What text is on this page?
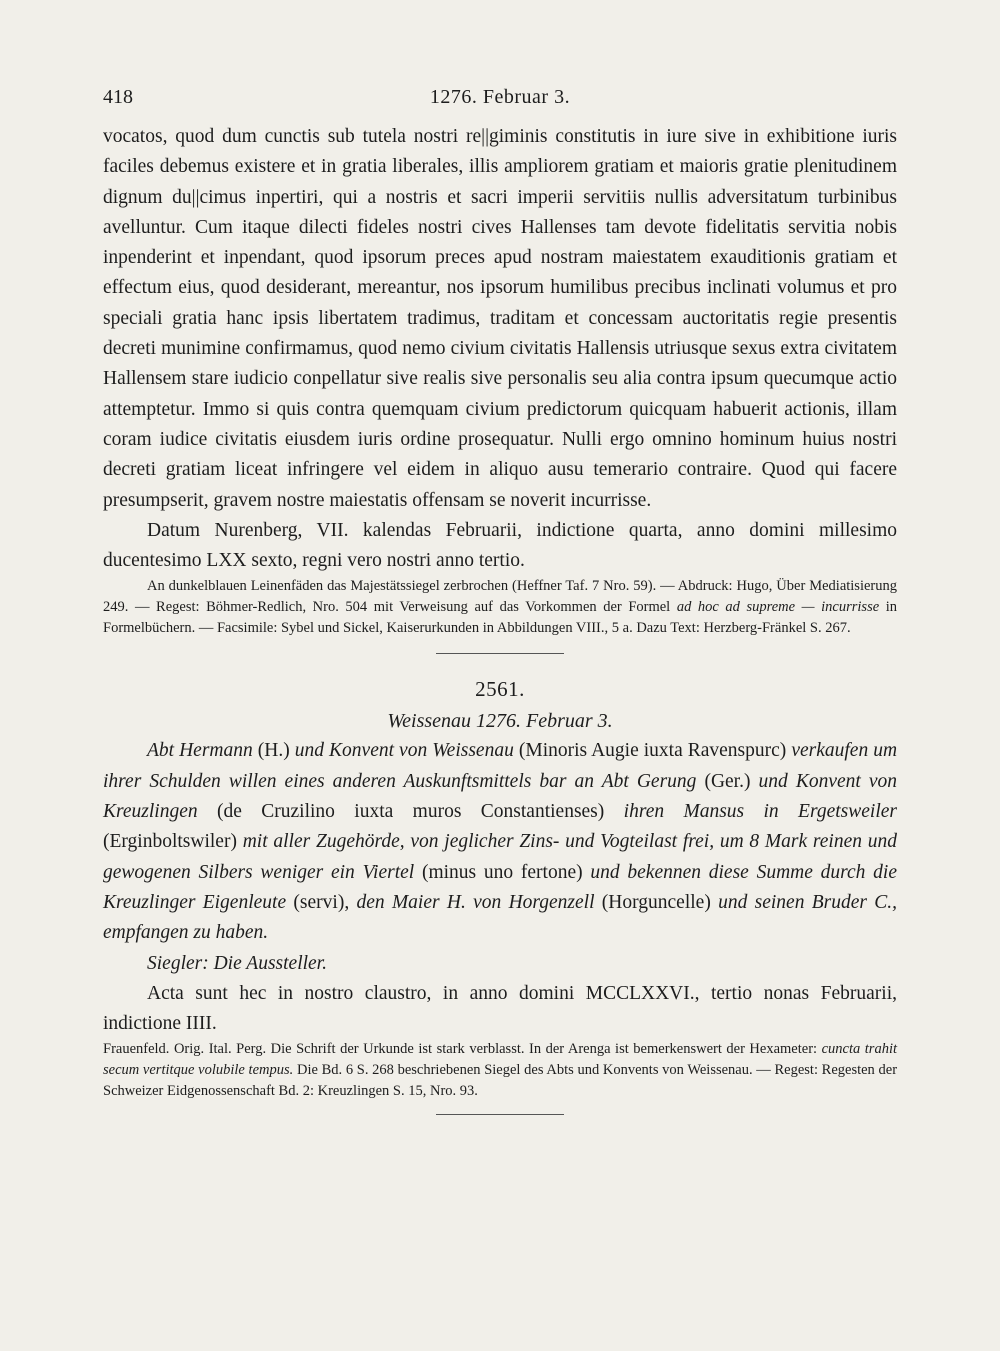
418	1276. Februar 3.

vocatos, quod dum cunctis sub tutela nostri re||giminis constitutis in iure sive in exhibitione iuris faciles debemus existere et in gratia liberales, illis ampliorem gratiam et maioris gratie plenitudinem dignum du||cimus inpertiri, qui a nostris et sacri imperii servitiis nullis adversitatum turbinibus avelluntur. Cum itaque dilecti fideles nostri cives Hallenses tam devote fidelitatis servitia nobis inpenderint et inpendant, quod ipsorum preces apud nostram maiestatem exauditionis gratiam et effectum eius, quod desiderant, mereantur, nos ipsorum humilibus precibus inclinati volumus et pro speciali gratia hanc ipsis libertatem tradimus, traditam et concessam auctoritatis regie presentis decreti munimine confirmamus, quod nemo civium civitatis Hallensis utriusque sexus extra civitatem Hallensem stare iudicio conpellatur sive realis sive personalis seu alia contra ipsum quecumque actio attemptetur. Immo si quis contra quemquam civium predictorum quicquam habuerit actionis, illam coram iudice civitatis eiusdem iuris ordine prosequatur. Nulli ergo omnino hominum huius nostri decreti gratiam liceat infringere vel eidem in aliquo ausu temerario contraire. Quod qui facere presumpserit, gravem nostre maiestatis offensam se noverit incurrisse.

Datum Nurenberg, VII. kalendas Februarii, indictione quarta, anno domini millesimo ducentesimo LXX sexto, regni vero nostri anno tertio.

An dunkelblauen Leinenfäden das Majestätssiegel zerbrochen (Heffner Taf. 7 Nro. 59). — Abdruck: Hugo, Über Mediatisierung 249. — Regest: Böhmer-Redlich, Nro. 504 mit Verweisung auf das Vorkommen der Formel ad hoc ad supreme — incurrisse in Formelbüchern. — Facsimile: Sybel und Sickel, Kaiserurkunden in Abbildungen VIII., 5 a. Dazu Text: Herzberg-Fränkel S. 267.

2561.
Weissenau 1276. Februar 3.

Abt Hermann (H.) und Konvent von Weissenau (Minoris Augie iuxta Ravenspurc) verkaufen um ihrer Schulden willen eines anderen Auskunftsmittels bar an Abt Gerung (Ger.) und Konvent von Kreuzlingen (de Cruzilino iuxta muros Constantienses) ihren Mansus in Ergetsweiler (Erginboltswiler) mit aller Zugehörde, von jeglicher Zins- und Vogteilast frei, um 8 Mark reinen und gewogenen Silbers weniger ein Viertel (minus uno fertone) und bekennen diese Summe durch die Kreuzlinger Eigenleute (servi), den Maier H. von Horgenzell (Horguncelle) und seinen Bruder C., empfangen zu haben.

Siegler: Die Aussteller.

Acta sunt hec in nostro claustro, in anno domini MCCLXXVI., tertio nonas Februarii, indictione IIII.

Frauenfeld. Orig. Ital. Perg. Die Schrift der Urkunde ist stark verblasst. In der Arenga ist bemerkenswert der Hexameter: cuncta trahit secum vertitque volubile tempus. Die Bd. 6 S. 268 beschriebenen Siegel des Abts und Konvents von Weissenau. — Regest: Regesten der Schweizer Eidgenossenschaft Bd. 2: Kreuzlingen S. 15, Nro. 93.
